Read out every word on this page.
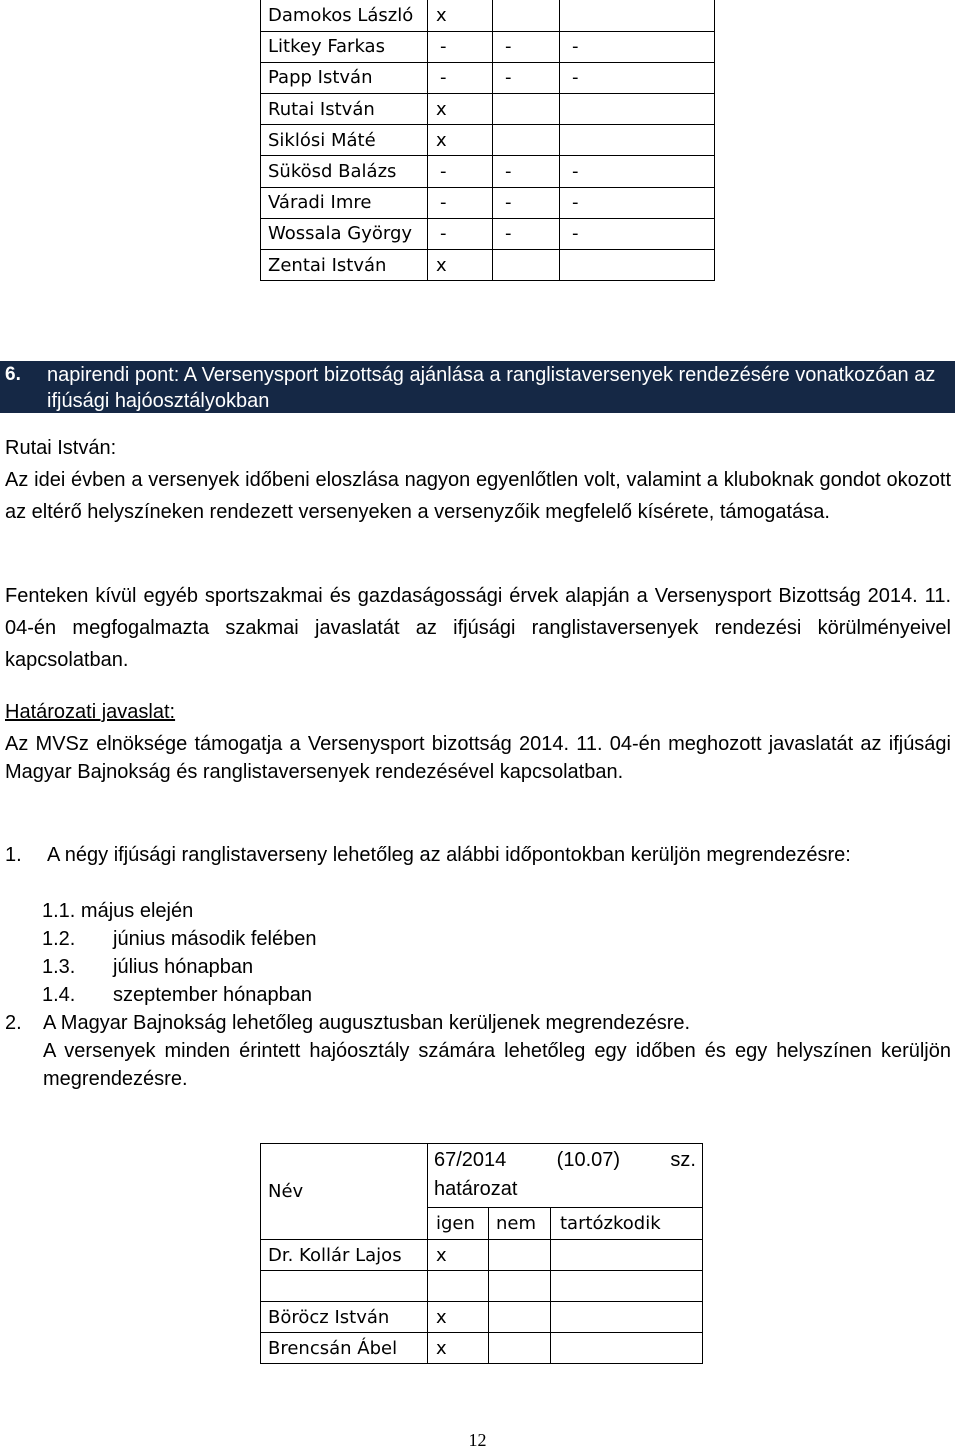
Damokos László	x		
Litkey Farkas	-	-	-
Papp István	-	-	-
Rutai István	x		
Siklósi Máté	x		
Sükösd Balázs	-	-	-
Váradi Imre	-	-	-
Wossala György	-	-	-
Zentai István	x		
6. napirendi pont: A Versenysport bizottság ajánlása a ranglistaversenyek rendezésére vonatkozóan az ifjúsági hajóosztályokban
Rutai István:
Az idei évben a versenyek időbeni eloszlása nagyon egyenlőtlen volt, valamint a kluboknak gondot okozott az eltérő helyszíneken rendezett versenyeken a versenyzőik megfelelő kísérete, támogatása.
Fenteken kívül egyéb sportszakmai és gazdaságossági érvek alapján a Versenysport Bizottság 2014. 11. 04-én megfogalmazta szakmai javaslatát az ifjúsági ranglistaversenyek rendezési körülményeivel kapcsolatban.
Határozati javaslat:
Az MVSz elnöksége támogatja a Versenysport bizottság 2014. 11. 04-én meghozott javaslatát az ifjúsági Magyar Bajnokság és ranglistaversenyek rendezésével kapcsolatban.
1. A négy ifjúsági ranglistaverseny lehetőleg az alábbi időpontokban kerüljön megrendezésre:
1.1. május elején
1.2. június második felében
1.3. július hónapban
1.4. szeptember hónapban
2. A Magyar Bajnokság lehetőleg augusztusban kerüljenek megrendezésre.
A versenyek minden érintett hajóosztály számára lehetőleg egy időben és egy helyszínen kerüljön megrendezésre.
Név	67/2014 (10.07) sz.
határozat		

	igen	nem	tartózkodik
Dr. Kollár Lajos	x		

Böröcz István	x		
Brencsán Ábel	x		
12
